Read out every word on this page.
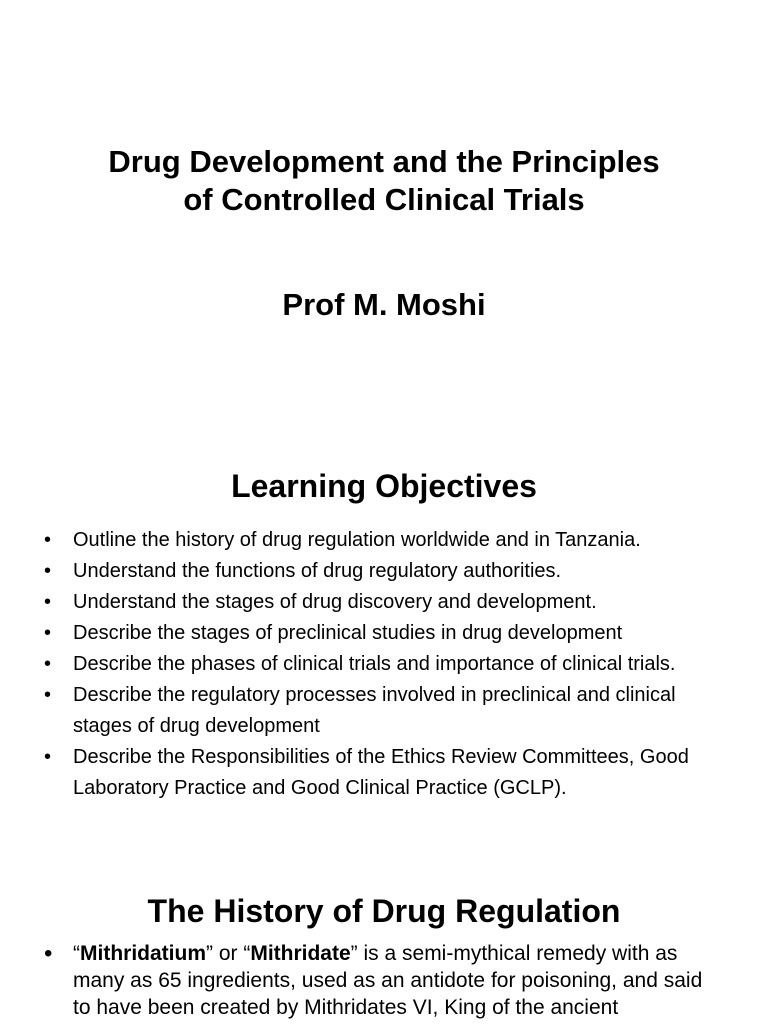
Drug Development and the Principles
of Controlled Clinical Trials
Prof M. Moshi
Learning Objectives
• Outline the history of drug regulation worldwide and in Tanzania.
• Understand the functions of drug regulatory authorities.
• Understand the stages of drug discovery and development.
• Describe the stages of preclinical studies in drug development
• Describe the phases of clinical trials and importance of clinical trials.
• Describe the regulatory processes involved in preclinical and clinical stages of drug development
• Describe the Responsibilities of the Ethics Review Committees, Good Laboratory Practice and Good Clinical Practice (GCLP).
The History of Drug Regulation
• “Mithridatium” or “Mithridate” is a semi-mythical remedy with as many as 65 ingredients, used as an antidote for poisoning, and said to have been created by Mithridates VI, King of the ancient
